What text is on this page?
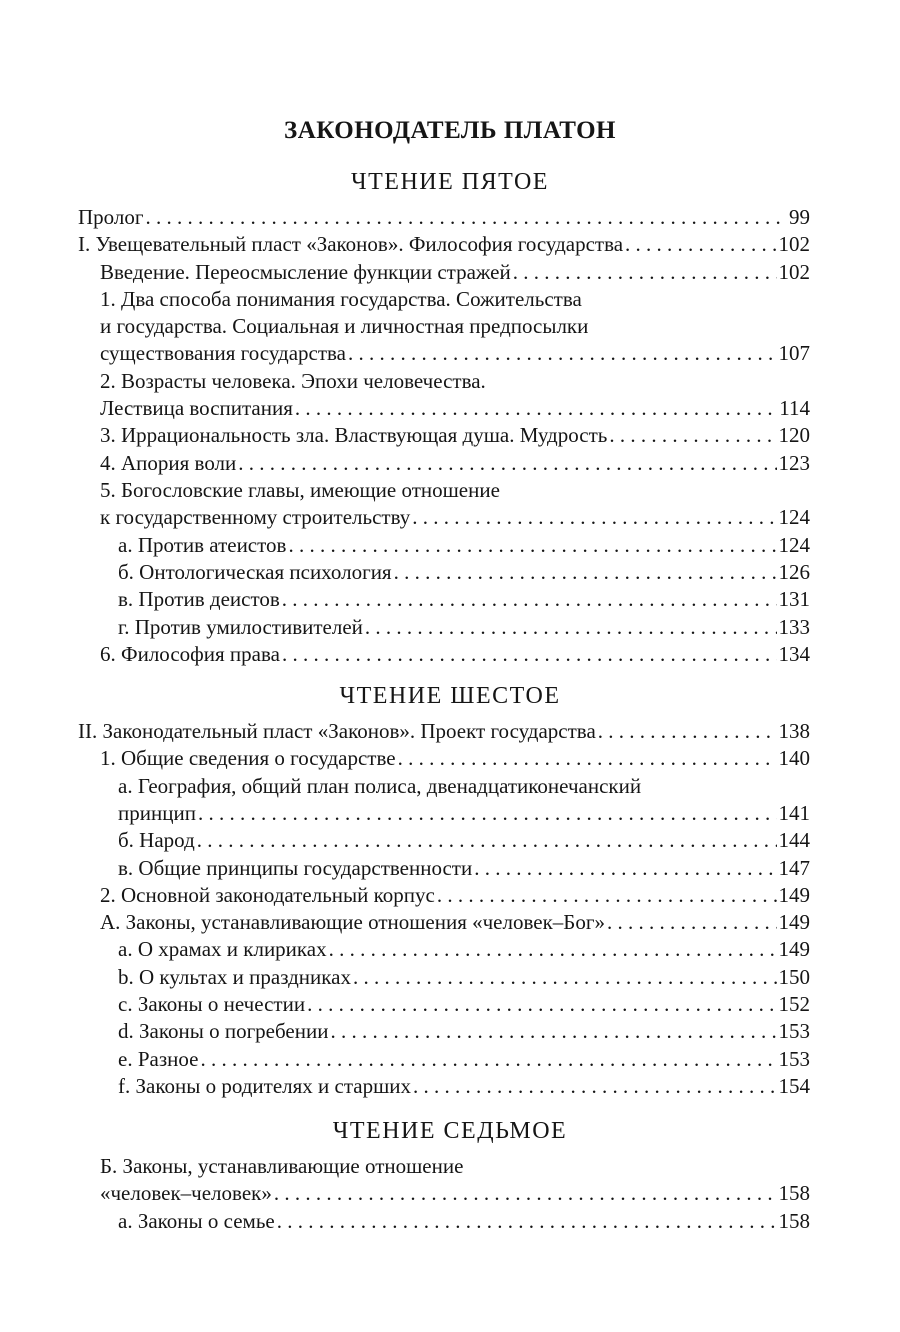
ЗАКОНОДАТЕЛЬ ПЛАТОН
ЧТЕНИЕ ПЯТОЕ
Пролог . . .	99
I. Увещевательный пласт «Законов». Философия государства . . .	102
Введение. Переосмысление функции стражей . . .	102
1. Два способа понимания государства. Сожительства
и государства. Социальная и личностная предпосылки
существования государства . . .	107
2. Возрасты человека. Эпохи человечества.
Лествица воспитания . . .	114
3. Иррациональность зла. Властвующая душа. Мудрость . . .	120
4. Апория воли . . .	123
5. Богословские главы, имеющие отношение
к государственному строительству . . .	124
а. Против атеистов . . .	124
б. Онтологическая психология . . .	126
в. Против деистов . . .	131
г. Против умилостивителей . . .	133
6. Философия права . . .	134
ЧТЕНИЕ ШЕСТОЕ
II. Законодательный пласт «Законов». Проект государства . . .	138
1. Общие сведения о государстве . . .	140
а. География, общий план полиса, двенадцатиконечанский
принцип . . .	141
б. Народ . . .	144
в. Общие принципы государственности . . .	147
2. Основной законодательный корпус . . .	149
А. Законы, устанавливающие отношения «человек–Бог» . . .	149
а. О храмах и клириках . . .	149
b. О культах и праздниках . . .	150
с. Законы о нечестии . . .	152
d. Законы о погребении . . .	153
е. Разное . . .	153
f. Законы о родителях и старших . . .	154
ЧТЕНИЕ СЕДЬМОЕ
Б. Законы, устанавливающие отношение
«человек–человек» . . .	158
а. Законы о семье . . .	158
